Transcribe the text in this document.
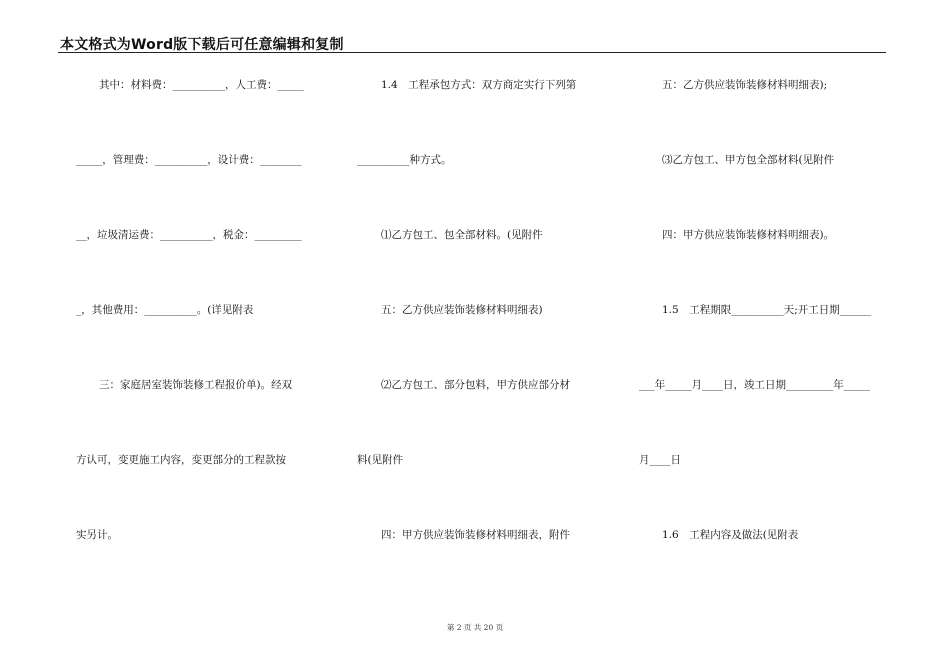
本文格式为Word版下载后可任意编辑和复制
其中：材料费：__________，人工费：_____
_____，管理费：__________，设计费：________
__，垃圾清运费：__________，税金：_________
_，其他费用：__________。(详见附表
三：家庭居室装饰装修工程报价单)。经双
方认可，变更施工内容，变更部分的工程款按
实另计。
1.4　工程承包方式：双方商定实行下列第
__________种方式。
⑴乙方包工、包全部材料。(见附件
五：乙方供应装饰装修材料明细表)
⑵乙方包工、部分包料，甲方供应部分材
料(见附件
四：甲方供应装饰装修材料明细表，附件
五：乙方供应装饰装修材料明细表);
⑶乙方包工、甲方包全部材料(见附件
四：甲方供应装饰装修材料明细表)。
1.5　工程期限__________天;开工日期______
___年_____月____日，竣工日期_________年_____
月____日
1.6　工程内容及做法(见附表
第 2 页 共 20 页
